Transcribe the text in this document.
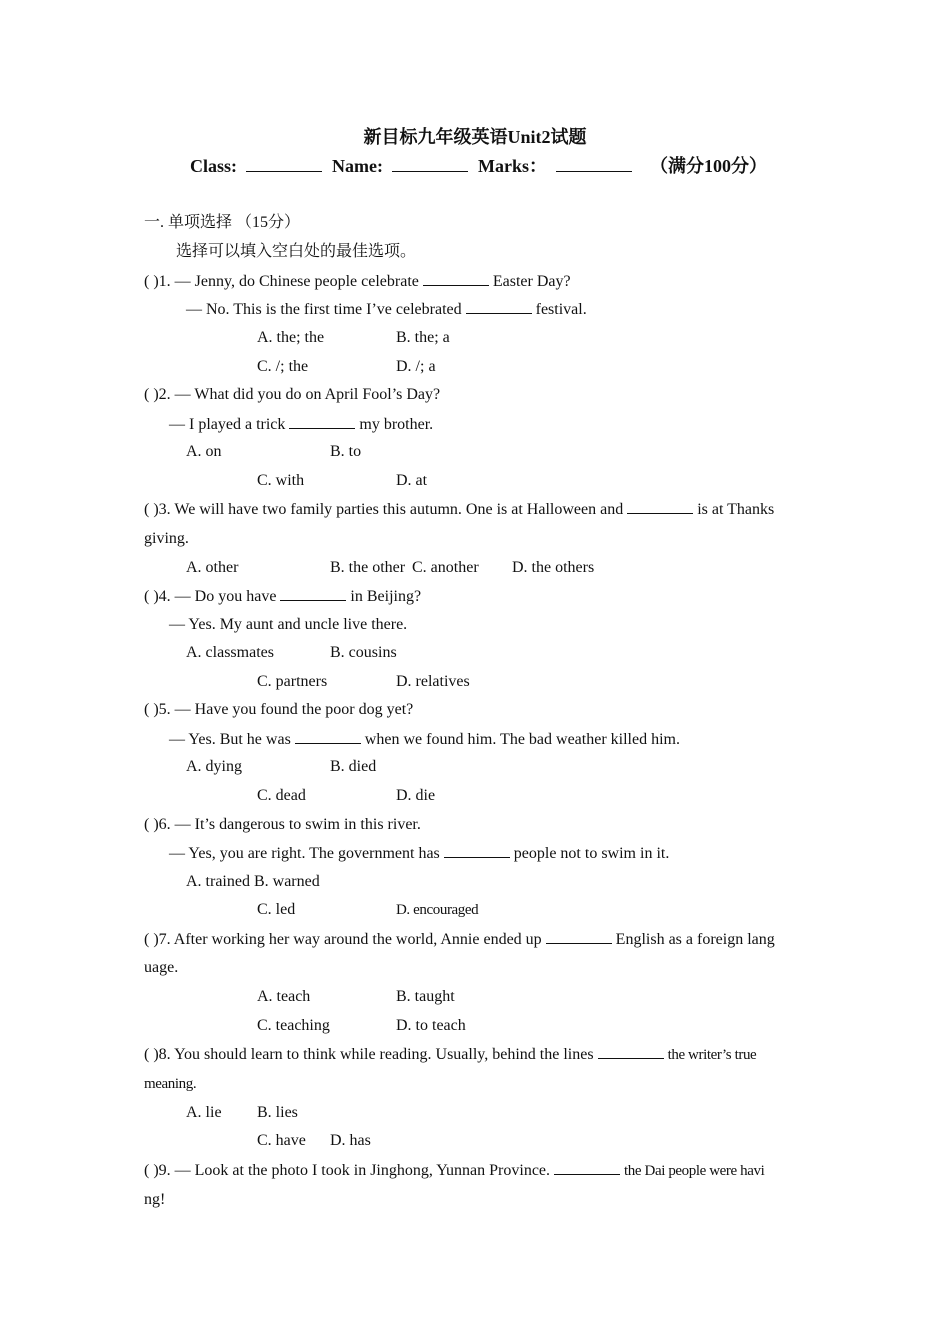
新目标九年级英语Unit2试题
Class:	Name:	Marks：	（满分100分）
一. 单项选择 （15分）
选择可以填入空白处的最佳选项。
( )1. — Jenny, do Chinese people celebrate	Easter Day?
— No. This is the first time I’ve celebrated	festival.
A. the; the	B. the; a
C. /; the	D. /; a
( )2. — What did you do on April Fool’s Day?
— I played a trick	my brother.
A. on	B. to
C. with	D. at
( )3. We will have two family parties this autumn. One is at Halloween and	is at Thanks
giving.
A. other	B. the other C. another D. the others
( )4. — Do you have	in Beijing?
— Yes. My aunt and uncle live there.
A. classmates	B. cousins
C. partners	D. relatives
( )5. — Have you found the poor dog yet?
— Yes. But he was	when we found him. The bad weather killed him.
A. dying	B. died
C. dead	D. die
( )6. — It’s dangerous to swim in this river.
— Yes, you are right. The government has	people not to swim in it.
A. trained B. warned
C. led	D. encouraged
( )7. After working her way around the world, Annie ended up	English as a foreign lang
uage.
A. teach	B. taught
C. teaching	D. to teach
( )8. You should learn to think while reading. Usually, behind the lines	the writer’s true
meaning.
A. lie B. lies
C. have D. has
( )9. — Look at the photo I took in Jinghong, Yunnan Province.	the Dai people were havi
ng!
